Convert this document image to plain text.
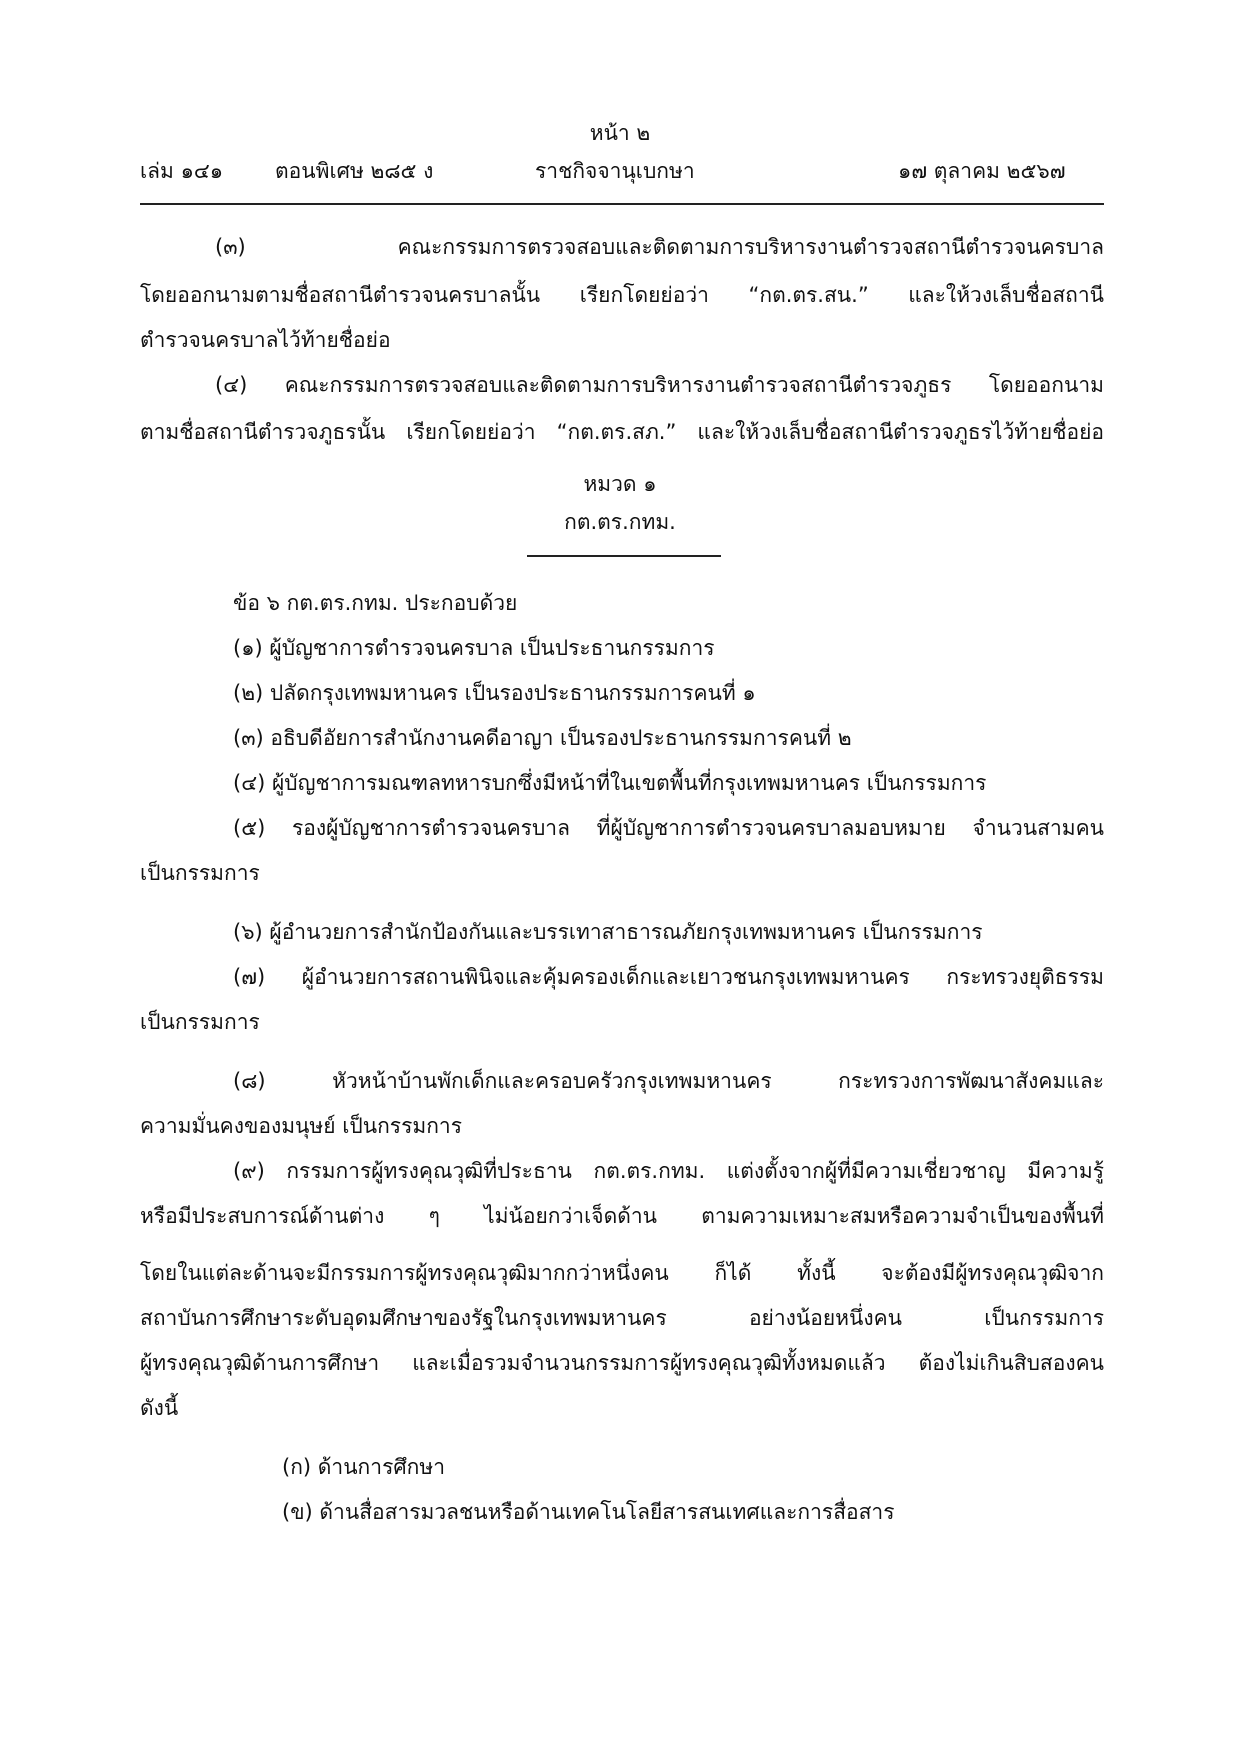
หน้า ๒
เล่ม ๑๔๑ ตอนพิเศษ ๒๘๕ ง	ราชกิจจานุเบกษา	๑๗ ตุลาคม ๒๕๖๗
(๓) คณะกรรมการตรวจสอบและติดตามการบริหารงานตำรวจสถานีตำรวจนครบาล
โดยออกนามตามชื่อสถานีตำรวจนครบาลนั้น เรียกโดยย่อว่า “กต.ตร.สน.” และให้วงเล็บชื่อสถานี
ตำรวจนครบาลไว้ท้ายชื่อย่อ
(๔) คณะกรรมการตรวจสอบและติดตามการบริหารงานตำรวจสถานีตำรวจภูธร โดยออกนาม
ตามชื่อสถานีตำรวจภูธรนั้น เรียกโดยย่อว่า “กต.ตร.สภ.” และให้วงเล็บชื่อสถานีตำรวจภูธรไว้ท้ายชื่อย่อ
หมวด ๑
กต.ตร.กทม.
ข้อ ๖ กต.ตร.กทม. ประกอบด้วย
(๑) ผู้บัญชาการตำรวจนครบาล เป็นประธานกรรมการ
(๒) ปลัดกรุงเทพมหานคร เป็นรองประธานกรรมการคนที่ ๑
(๓) อธิบดีอัยการสำนักงานคดีอาญา เป็นรองประธานกรรมการคนที่ ๒
(๔) ผู้บัญชาการมณฑลทหารบกซึ่งมีหน้าที่ในเขตพื้นที่กรุงเทพมหานคร เป็นกรรมการ
(๕) รองผู้บัญชาการตำรวจนครบาล ที่ผู้บัญชาการตำรวจนครบาลมอบหมาย จำนวนสามคน
เป็นกรรมการ
(๖) ผู้อำนวยการสำนักป้องกันและบรรเทาสาธารณภัยกรุงเทพมหานคร เป็นกรรมการ
(๗) ผู้อำนวยการสถานพินิจและคุ้มครองเด็กและเยาวชนกรุงเทพมหานคร กระทรวงยุติธรรม
เป็นกรรมการ
(๘) หัวหน้าบ้านพักเด็กและครอบครัวกรุงเทพมหานคร กระทรวงการพัฒนาสังคมและ
ความมั่นคงของมนุษย์ เป็นกรรมการ
(๙) กรรมการผู้ทรงคุณวุฒิที่ประธาน กต.ตร.กทม. แต่งตั้งจากผู้ที่มีความเชี่ยวชาญ มีความรู้
หรือมีประสบการณ์ด้านต่าง ๆ ไม่น้อยกว่าเจ็ดด้าน ตามความเหมาะสมหรือความจำเป็นของพื้นที่
โดยในแต่ละด้านจะมีกรรมการผู้ทรงคุณวุฒิมากกว่าหนึ่งคน ก็ได้ ทั้งนี้ จะต้องมีผู้ทรงคุณวุฒิจาก
สถาบันการศึกษาระดับอุดมศึกษาของรัฐในกรุงเทพมหานคร อย่างน้อยหนึ่งคน เป็นกรรมการ
ผู้ทรงคุณวุฒิด้านการศึกษา และเมื่อรวมจำนวนกรรมการผู้ทรงคุณวุฒิทั้งหมดแล้ว ต้องไม่เกินสิบสองคน
ดังนี้
(ก) ด้านการศึกษา
(ข) ด้านสื่อสารมวลชนหรือด้านเทคโนโลยีสารสนเทศและการสื่อสาร
